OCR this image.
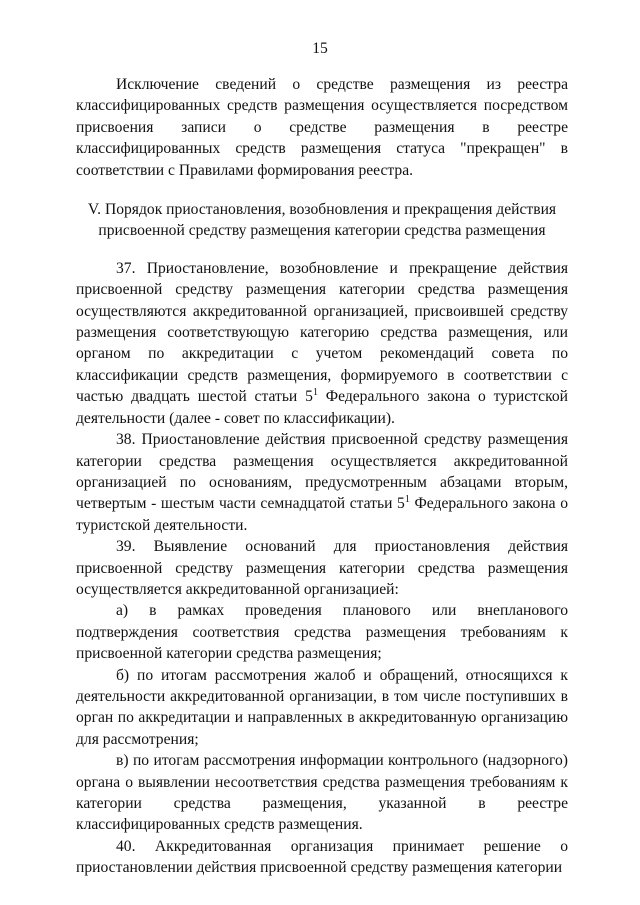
15

Исключение сведений о средстве размещения из реестра классифицированных средств размещения осуществляется посредством присвоения записи о средстве размещения в реестре классифицированных средств размещения статуса "прекращен" в соответствии с Правилами формирования реестра.

V. Порядок приостановления, возобновления и прекращения действия присвоенной средству размещения категории средства размещения

37. Приостановление, возобновление и прекращение действия присвоенной средству размещения категории средства размещения осуществляются аккредитованной организацией, присвоившей средству размещения соответствующую категорию средства размещения, или органом по аккредитации с учетом рекомендаций совета по классификации средств размещения, формируемого в соответствии с частью двадцать шестой статьи $5^1$ Федерального закона о туристской деятельности (далее - совет по классификации).

38. Приостановление действия присвоенной средству размещения категории средства размещения осуществляется аккредитованной организацией по основаниям, предусмотренным абзацами вторым, четвертым - шестым части семнадцатой статьи $5^1$ Федерального закона о туристской деятельности.

39. Выявление оснований для приостановления действия присвоенной средству размещения категории средства размещения осуществляется аккредитованной организацией:

а) в рамках проведения планового или внепланового подтверждения соответствия средства размещения требованиям к присвоенной категории средства размещения;

б) по итогам рассмотрения жалоб и обращений, относящихся к деятельности аккредитованной организации, в том числе поступивших в орган по аккредитации и направленных в аккредитованную организацию для рассмотрения;

в) по итогам рассмотрения информации контрольного (надзорного) органа о выявлении несоответствия средства размещения требованиям к категории средства размещения, указанной в реестре классифицированных средств размещения.

40. Аккредитованная организация принимает решение о приостановлении действия присвоенной средству размещения категории
